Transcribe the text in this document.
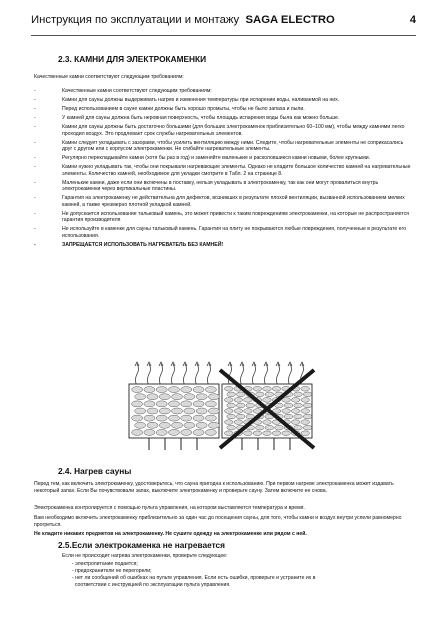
Инструкция по эксплуатации и монтажу SAGA ELECTRO	4
2.3. КАМНИ ДЛЯ ЭЛЕКТРОКАМЕНКИ
Качественные камни соответствуют следующим требованиям:
-	Качественные камни соответствуют следующим требованиям:
-	Камни для сауны должны выдерживать нагрев и изменения температуры при испарении воды, наливаемой на них.
-	Перед использованием в сауне камни должны быть хорошо промыты, чтобы не было запаха и пыли.
-	У камней для сауны должна быть неровная поверхность, чтобы площадь испарения воды была как можно больше.
-	Камни для сауны должны быть достаточно большими (для больших электрокаменок приблизительно 60–100 мм), чтобы между камнями легко проходил воздух. Это продлевает срок службы нагревательных элементов.
-	Камни следует укладывать с зазорами, чтобы усилить вентиляцию между ними. Следите, чтобы нагревательные элементы не соприкасались друг с другом или с корпусом электрокаменки. Не сгибайте нагревательные элементы.
-	Регулярно перекладывайте камни (хотя бы раз в год) и заменяйте маленькие и расколовшиеся камни новыми, более крупными.
-	Камни нужно укладывать так, чтобы они покрывали нагревающие элементы. Однако не кладите большое количество камней на нагревательные элементы. Количество камней, необходимое для укладки смотрите в Табл. 2 на странице 8.
-	Маленькие камни, даже если они включены в поставку, нельзя укладывать в электрокаменку, так как они могут провалиться внутрь электрокаменки через вертикальные пластины.
-	Гарантия на электрокаменку не действительна для дефектов, возникших в результате плохой вентиляции, вызванной использованием мелких камней, а также чрезмерно плотной укладкой камней.
-	Не допускается использование тальковый камень, это может привести к таким повреждениям электрокаменки, на которые не распространяется гарантия производителя
-	Не используйте в каменке для сауны тальковый камень. Гарантия на плиту не покрываются любые повреждения, полученные в результате его использования.
-	ЗАПРЕЩАЕТСЯ ИСПОЛЬЗОВАТЬ НАГРЕВАТЕЛЬ БЕЗ КАМНЕЙ!
2.4. Нагрев сауны
Перед тем, как включить электрокаменку, удостоверьтесь, что сауна пригодна к использованию. При первом нагреве электрокаменка может издавать некоторый запах. Если Вы почувствовали запах, выключите электрокаменку и проверьте сауну. Затем включите ее снова.
Электрокаменка контролируется с помощью пульта управления, на котором выставляется температура и время.
Вам необходимо включить электрокаменку приблизительно за один час до посещения сауны, для того, чтобы камни и воздух внутри успели равномерно прогреться.
Не кладите никаких предметов на электрокаменку. Не сушите одежду на электрокаменке или рядом с ней.
2.5.Если электрокаменка не нагревается
Если не происходит нагрева электрокаменки, проверьте следующее:
- электропитание подается;
- предохранители не перегорели;
- нет ли сообщений об ошибках на пульте управления. Если есть ошибки, проверьте и устраните их в
соответствии с инструкцией по эксплуатации пульта управления.
